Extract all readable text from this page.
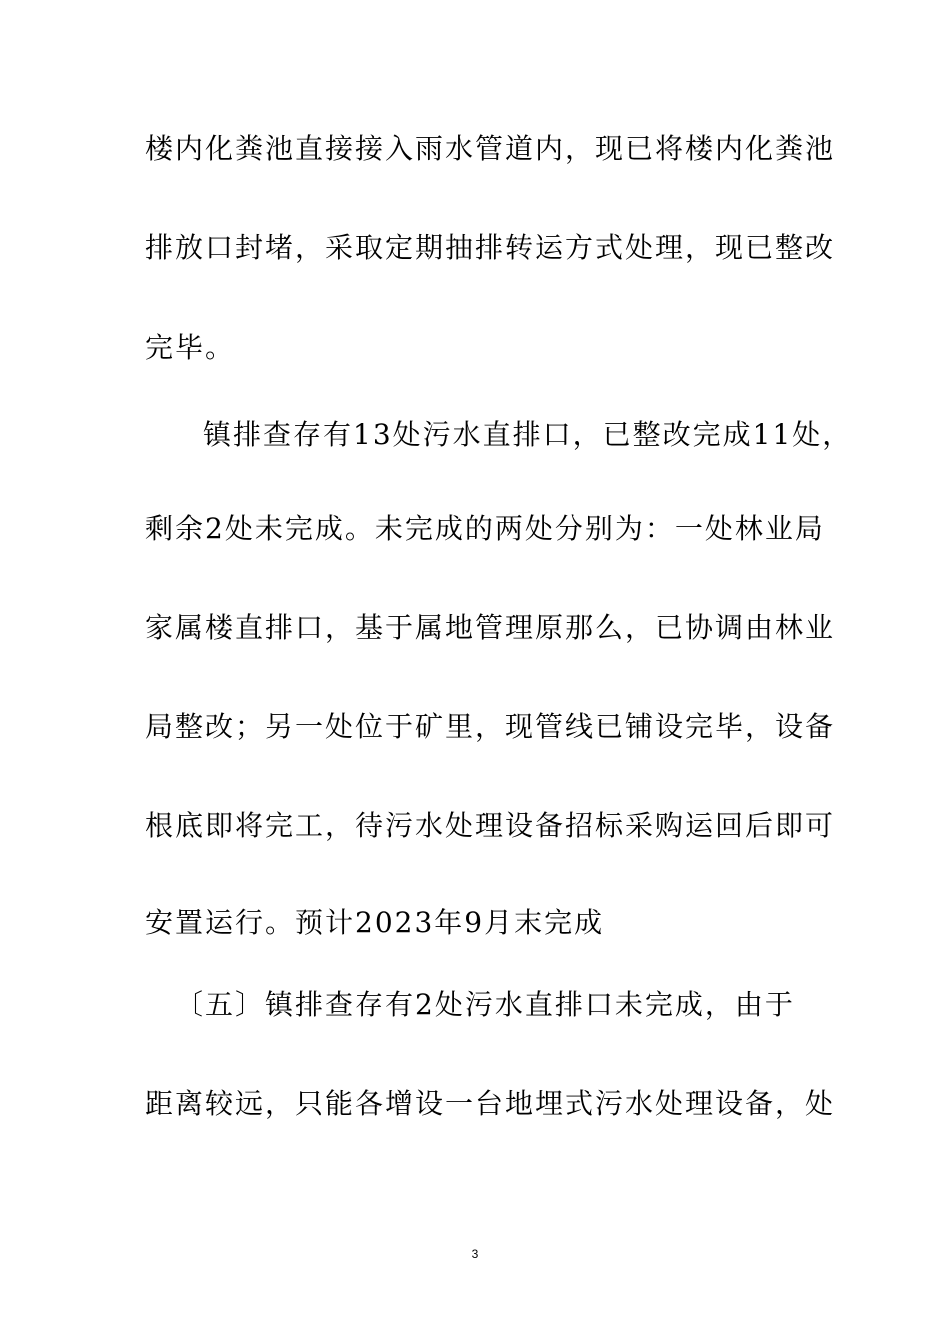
楼内化粪池直接接入雨水管道内，现已将楼内化粪池
排放口封堵，采取定期抽排转运方式处理，现已整改
完毕。
镇排查存有13处污水直排口，已整改完成11处，
剩余2处未完成。未完成的两处分别为：一处林业局
家属楼直排口，基于属地管理原那么，已协调由林业
局整改；另一处位于矿里，现管线已铺设完毕，设备
根底即将完工，待污水处理设备招标采购运回后即可
安置运行。预计2023年9月末完成
〔五〕镇排查存有2处污水直排口未完成，由于
距离较远，只能各增设一台地埋式污水处理设备，处
3
